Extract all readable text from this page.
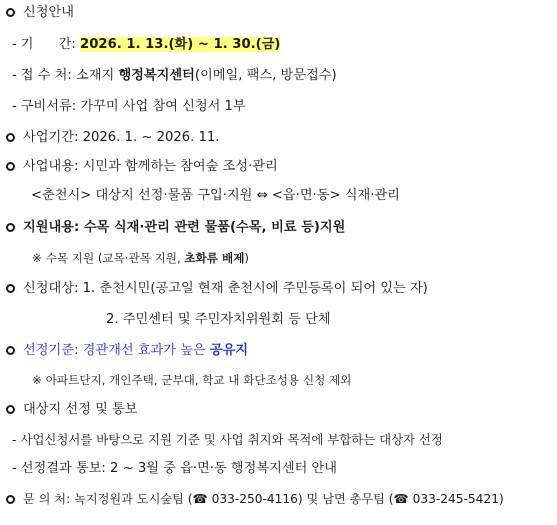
신청안내
- 기      간: 2026. 1. 13.(화) ~ 1. 30.(금)
- 접 수 처: 소재지 행정복지센터(이메일, 팩스, 방문접수)
- 구비서류: 가꾸미 사업 참여 신청서 1부
사업기간: 2026. 1. ~ 2026. 11.
사업내용: 시민과 함께하는 참여숲 조성·관리
<춘천시> 대상지 선정·물품 구입·지원 ⇔ <읍·면·동> 식재·관리
지원내용: 수목 식재·관리 관련 물품(수목, 비료 등)지원
※ 수목 지원 (교목·관목 지원, 초화류 배제)
신청대상: 1. 춘천시민(공고일 현재 춘천시에 주민등록이 되어 있는 자)
2. 주민센터 및 주민자치위원회 등 단체
선정기준: 경관개선 효과가 높은 공유지
※ 아파트단지, 개인주택, 군부대, 학교 내 화단조성용 신청 제외
대상지 선정 및 통보
- 사업신청서를 바탕으로 지원 기준 및 사업 취지와 목적에 부합하는 대상자 선정
- 선정결과 통보: 2 ~ 3월 중 읍·면·동 행정복지센터 안내
문 의 처: 녹지정원과 도시숲팀 (☎ 033-250-4116) 및 남면 총무팀 (☎ 033-245-5421)
